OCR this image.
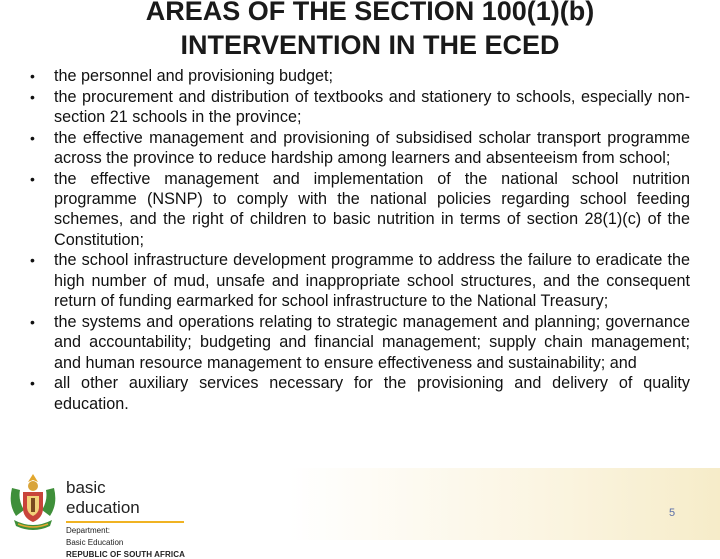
AREAS OF THE SECTION 100(1)(b)
INTERVENTION IN THE ECED
•	the personnel and provisioning budget;
•	the procurement and distribution of textbooks and stationery to schools, especially non-section 21 schools in the province;
•	the effective management and provisioning of subsidised scholar transport programme across the province to reduce hardship among learners and absenteeism from school;
•	the effective management and implementation of the national school nutrition programme (NSNP) to comply with the national policies regarding school feeding schemes, and the right of children to basic nutrition in terms of section 28(1)(c) of the Constitution;
•	the school infrastructure development programme to address the failure to eradicate the high number of mud, unsafe and inappropriate school structures, and the consequent return of funding earmarked for school infrastructure to the National Treasury;
•	the systems and operations relating to strategic management and planning; governance and accountability; budgeting and financial management; supply chain management; and human resource management to ensure effectiveness and sustainability; and
•	all other auxiliary services necessary for the provisioning and delivery of quality education.
basic education
Department:
Basic Education
REPUBLIC OF SOUTH AFRICA
5
